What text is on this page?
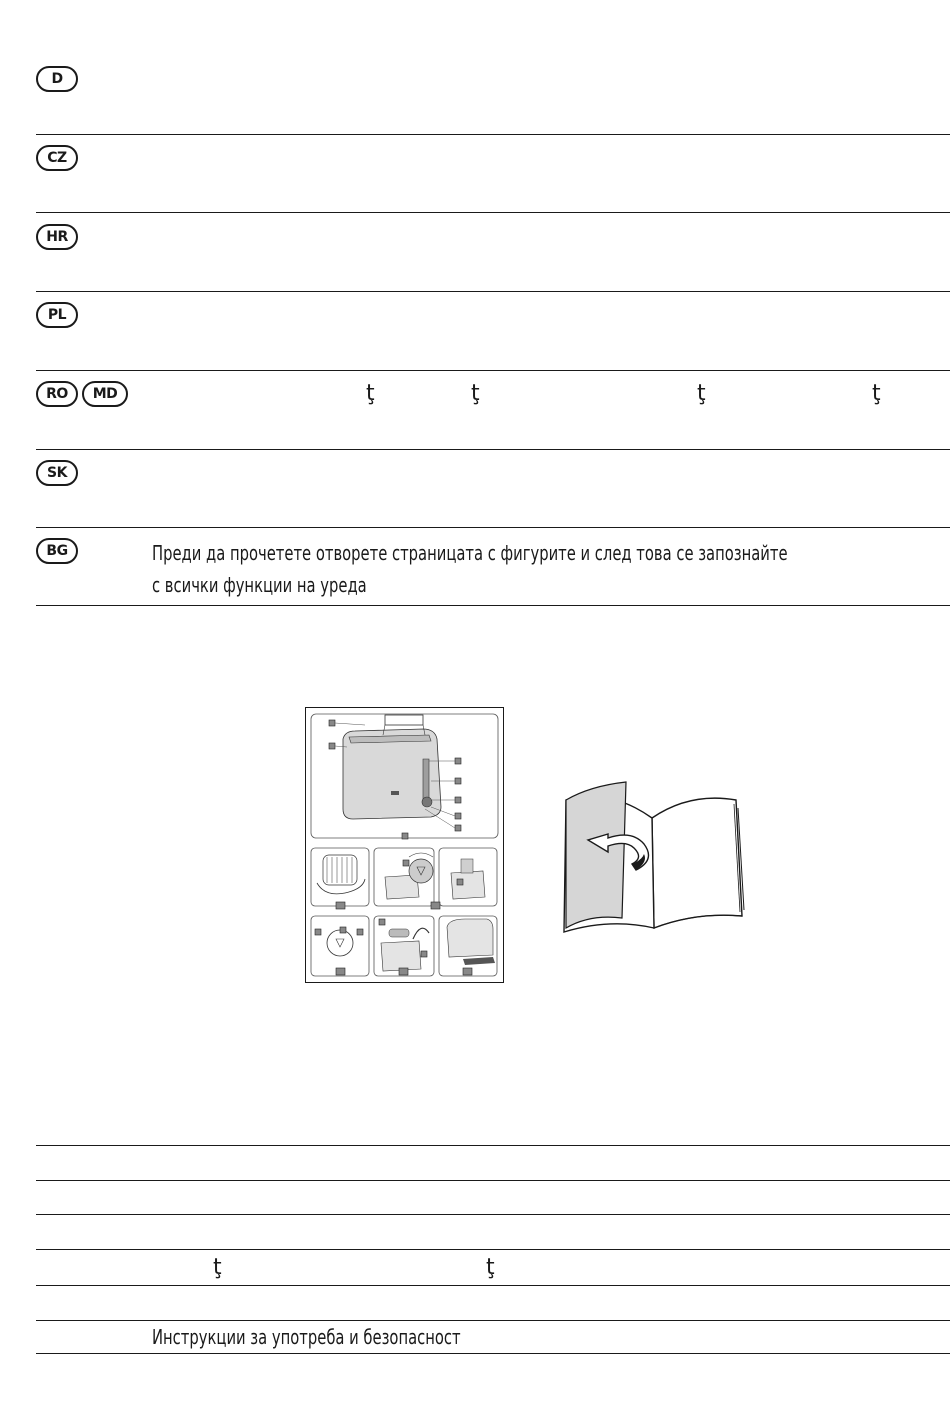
D
CZ
HR
PL
RO	MD	ţ	ţ	ţ	ţ
SK
BG	Преди да прочетете отворете страницата с фигурите и след това се запознайте
с всички функции на уреда
ţ	ţ
Инструкции за употреба и безопасност
